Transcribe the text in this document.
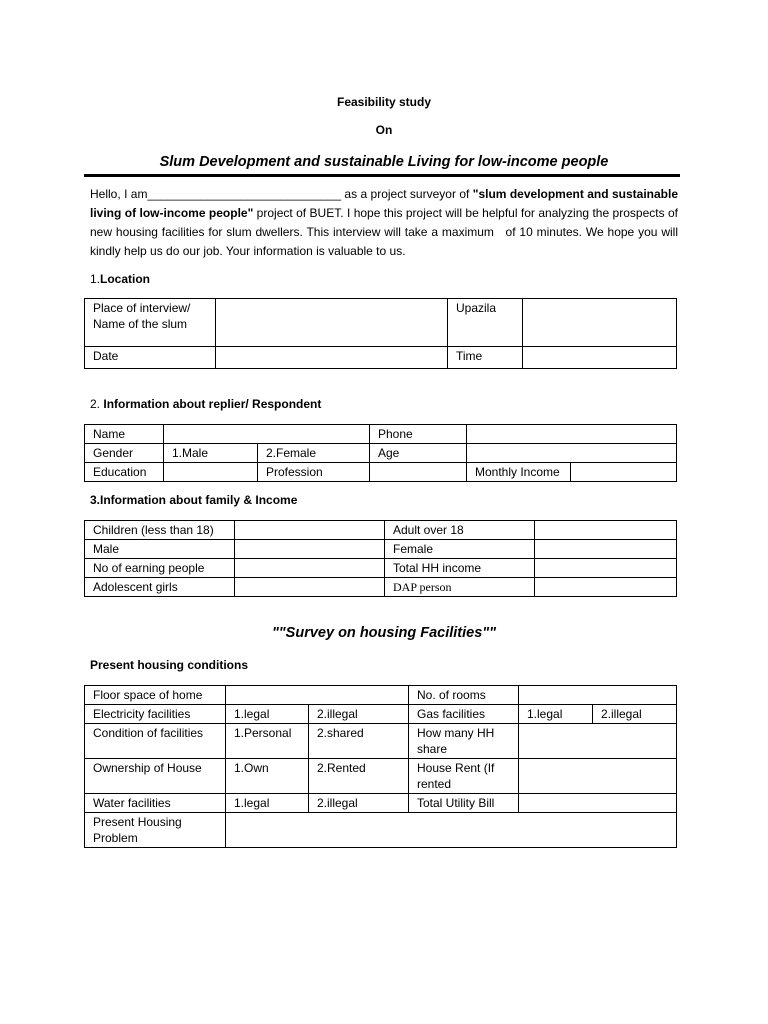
Feasibility study
On
Slum Development and sustainable Living for low-income people
Hello, I am_____________________________ as a project surveyor of "slum development and sustainable living of low-income people" project of BUET. I hope this project will be helpful for analyzing the prospects of new housing facilities for slum dwellers. This interview will take a maximum   of 10 minutes. We hope you will kindly help us do our job. Your information is valuable to us.
1.Location
Place of interview/ Name of the slum		Upazila	
Date		Time	
2. Information about replier/ Respondent
Name			Phone		
Gender	1.Male	2.Female	Age		
Education		Profession		Monthly Income	
3.Information about family & Income
Children (less than 18)		Adult over 18	
Male		Female	
No of earning people		Total HH income	
Adolescent girls		DAP person	
""Survey on housing Facilities""
Present housing conditions
Floor space of home			No. of rooms		
Electricity facilities	1.legal	2.illegal	Gas facilities	1.legal	2.illegal
Condition of facilities	1.Personal	2.shared	How many HH share		
Ownership of House	1.Own	2.Rented	House Rent (If rented		
Water facilities	1.legal	2.illegal	Total Utility Bill		
Present Housing Problem					
